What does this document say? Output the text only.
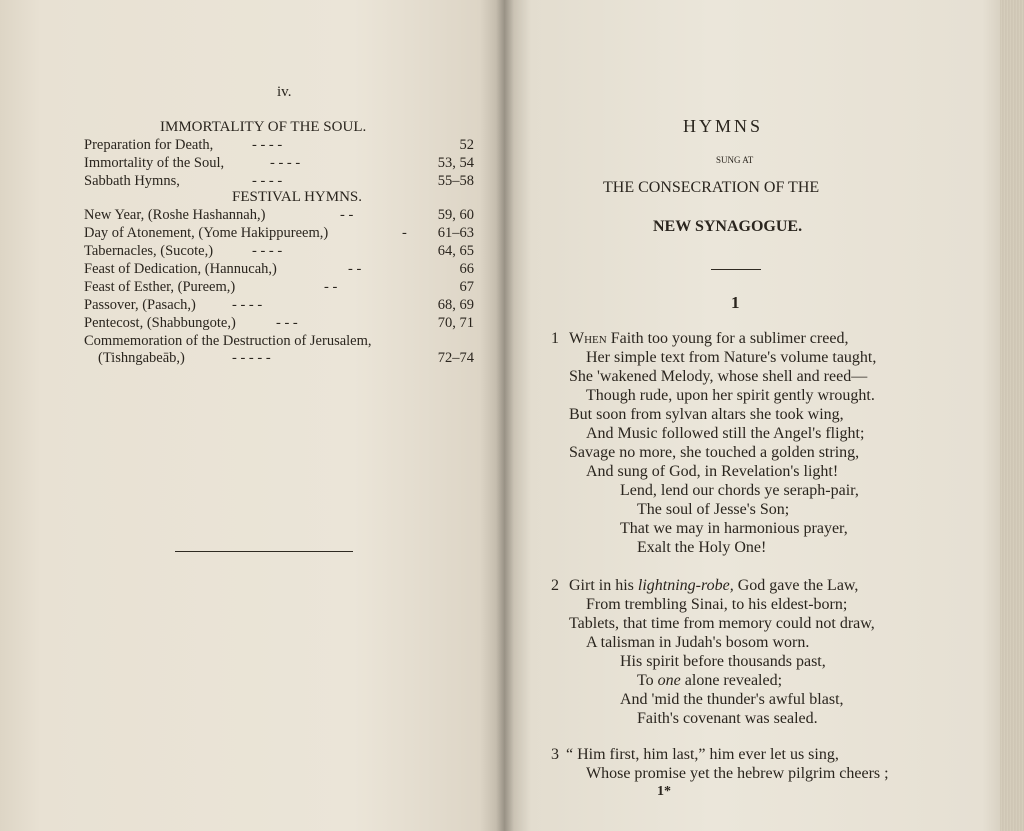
iv.
IMMORTALITY OF THE SOUL.
Preparation for Death,	- - - -	52
Immortality of the Soul,	- - - -	53, 54
Sabbath Hymns,	- - - -	55–58
FESTIVAL HYMNS.
New Year, (Roshe Hashannah,)	- -	59, 60
Day of Atonement, (Yome Hakippureem,)	- 61–63
Tabernacles, (Sucote,)	- - - -	64, 65
Feast of Dedication, (Hannucah,)	- -	66
Feast of Esther, (Pureem,)	- -	67
Passover, (Pasach,) - - - -	68, 69
Pentecost, (Shabbungote,)	- - -	70, 71
Commemoration of the Destruction of Jerusalem,
(Tishngabeāb,)	- - - - -	72–74
HYMNS
SUNG AT
THE CONSECRATION OF THE
NEW SYNAGOGUE.
1
1 When Faith too young for a sublimer creed,
Her simple text from Nature's volume taught,
She 'wakened Melody, whose shell and reed—
Though rude, upon her spirit gently wrought.
But soon from sylvan altars she took wing,
And Music followed still the Angel's flight;
Savage no more, she touched a golden string,
And sung of God, in Revelation's light!
Lend, lend our chords ye seraph-pair,
The soul of Jesse's Son;
That we may in harmonious prayer,
Exalt the Holy One!
2 Girt in his lightning-robe, God gave the Law,
From trembling Sinai, to his eldest-born;
Tablets, that time from memory could not draw,
A talisman in Judah's bosom worn.
His spirit before thousands past,
To one alone revealed;
And 'mid the thunder's awful blast,
Faith's covenant was sealed.
3 “ Him first, him last,” him ever let us sing,
Whose promise yet the hebrew pilgrim cheers ;
1*
